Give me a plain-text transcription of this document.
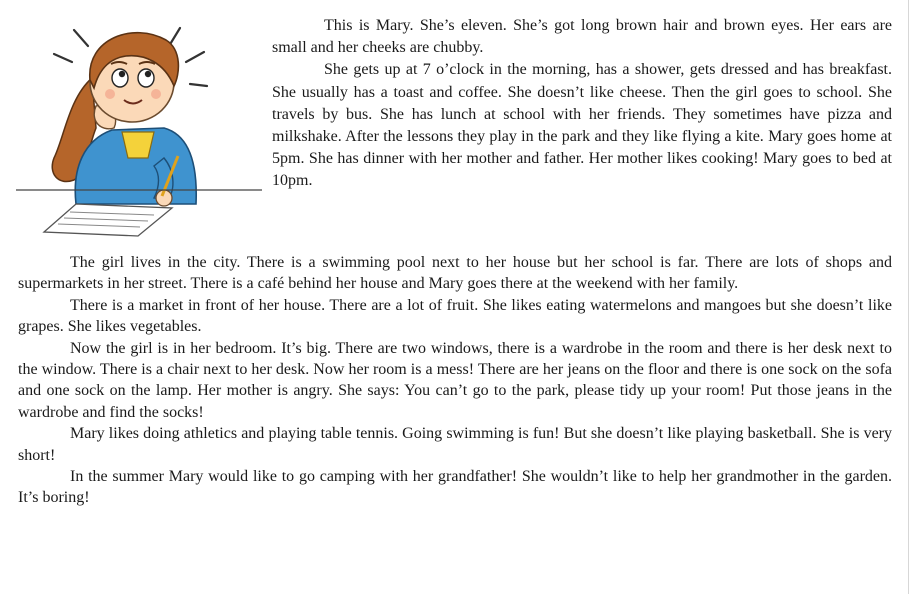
This is Mary. She’s eleven. She’s got long brown hair and brown eyes. Her ears are small and her cheeks are chubby.

She gets up at 7 o’clock in the morning, has a shower, gets dressed and has breakfast. She usually has a toast and coffee. She doesn’t like cheese. Then the girl goes to school. She travels by bus. She has lunch at school with her friends. They sometimes have pizza and milkshake. After the lessons they play in the park and they like flying a kite. Mary goes home at 5pm. She has dinner with her mother and father. Her mother likes cooking! Mary goes to bed at 10pm.

The girl lives in the city. There is a swimming pool next to her house but her school is far. There are lots of shops and supermarkets in her street. There is a café behind her house and Mary goes there at the weekend with her family.

There is a market in front of her house. There are a lot of fruit. She likes eating watermelons and mangoes but she doesn’t like grapes. She likes vegetables.

Now the girl is in her bedroom. It’s big. There are two windows, there is a wardrobe in the room and there is her desk next to the window. There is a chair next to her desk. Now her room is a mess! There are her jeans on the floor and there is one sock on the sofa and one sock on the lamp. Her mother is angry. She says: You can’t go to the park, please tidy up your room! Put those jeans in the wardrobe and find the socks!

Mary likes doing athletics and playing table tennis. Going swimming is fun! But she doesn’t like playing basketball. She is very short!

In the summer Mary would like to go camping with her grandfather! She wouldn’t like to help her grandmother in the garden. It’s boring!
